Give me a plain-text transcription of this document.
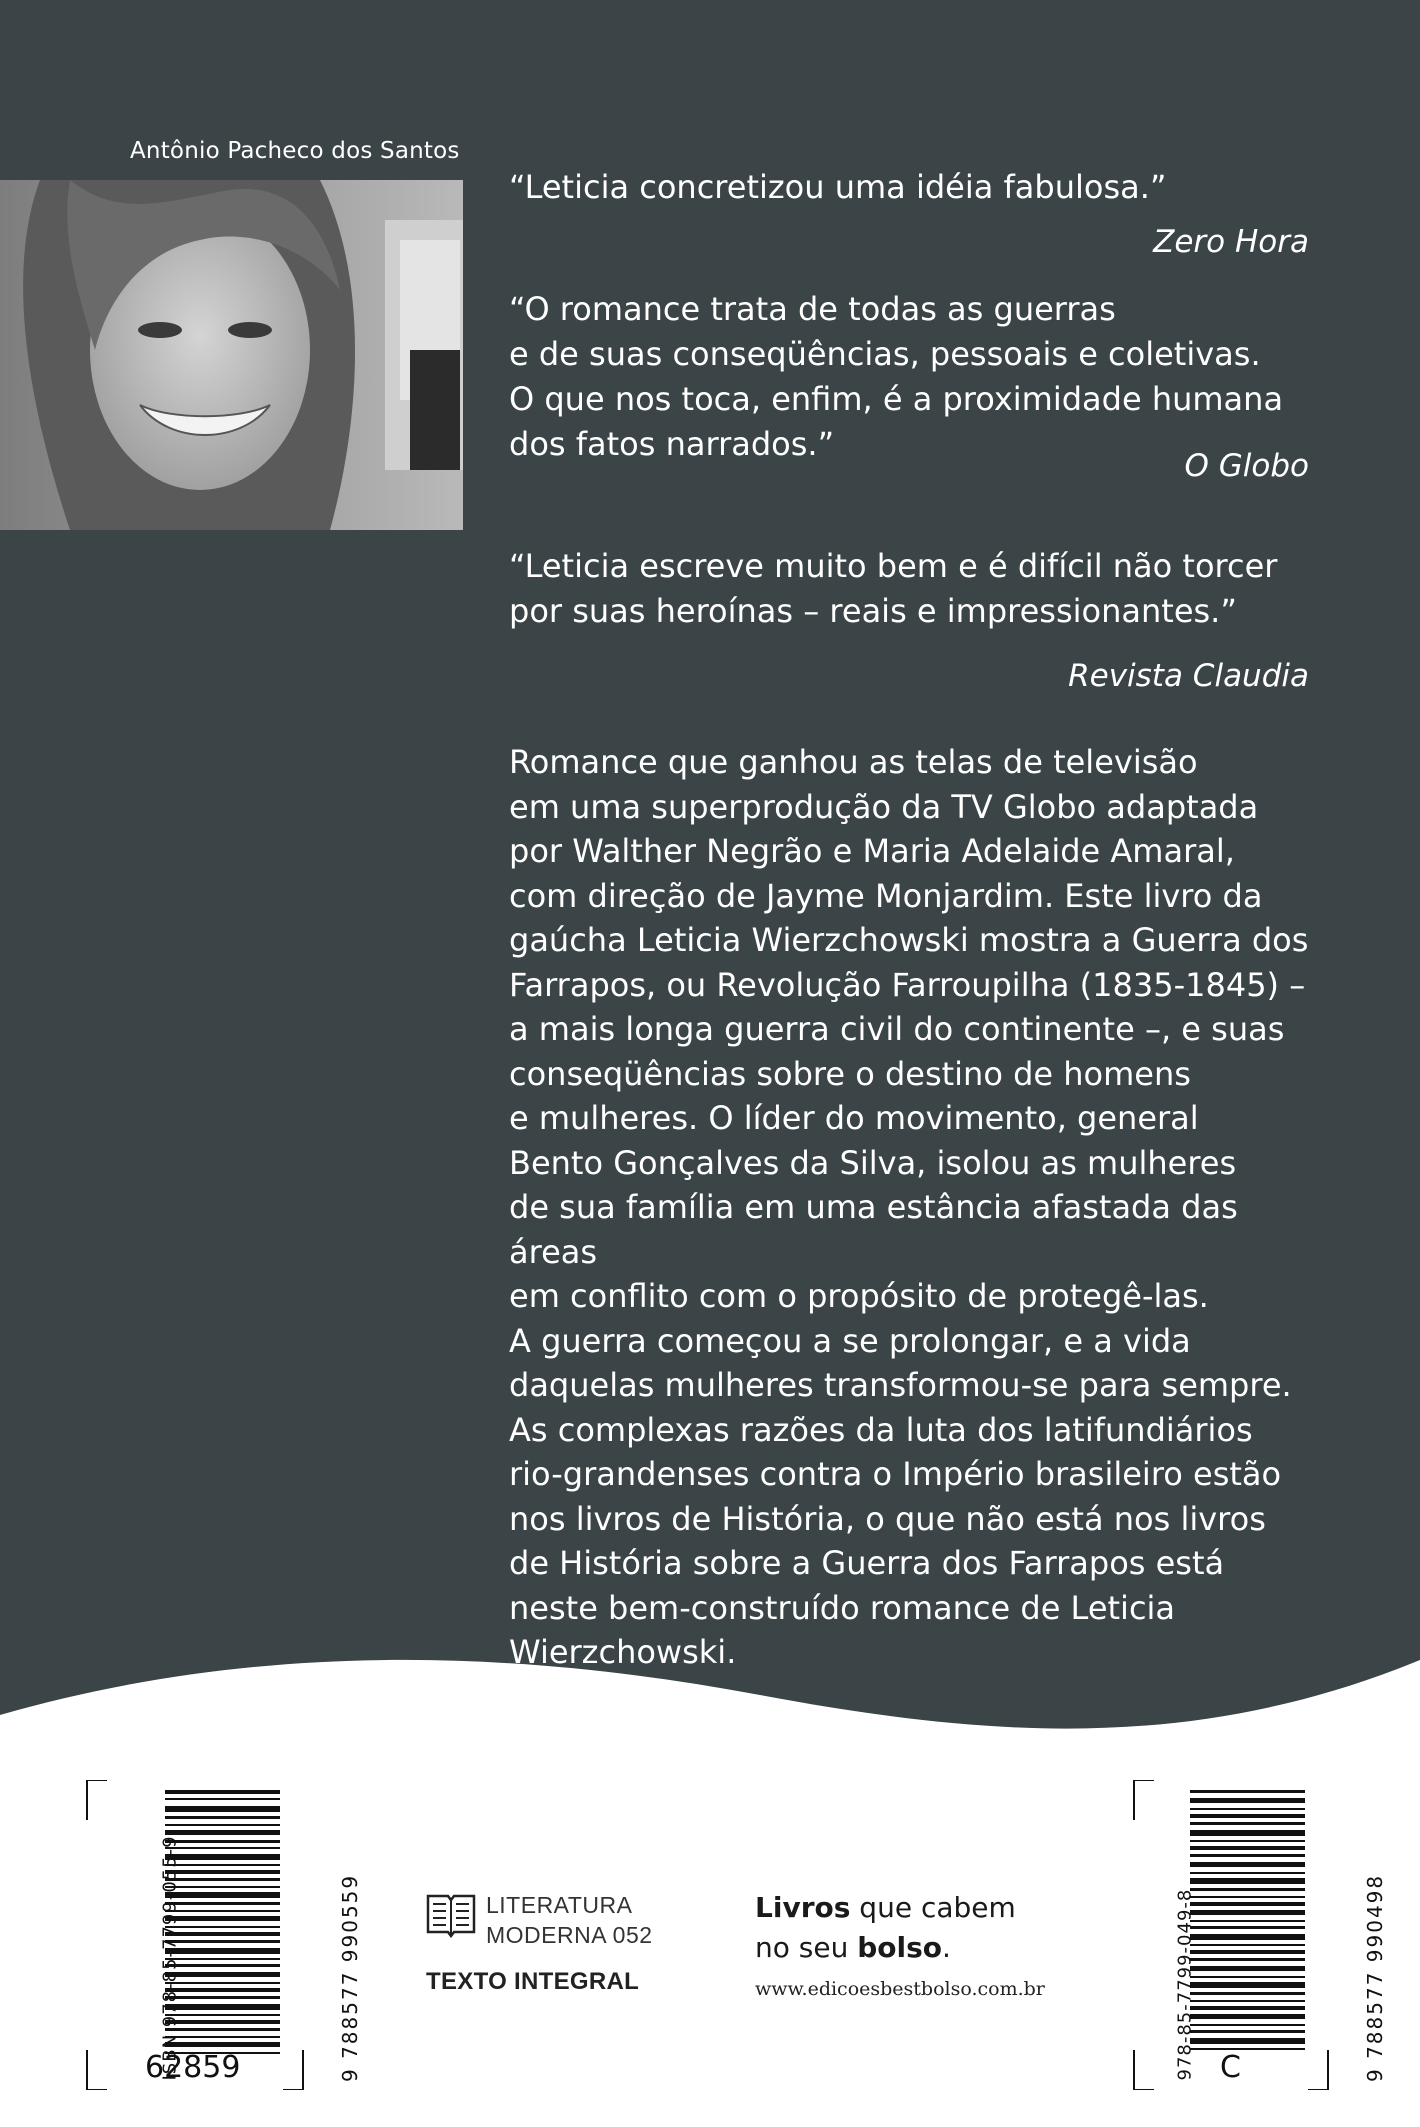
Antônio Pacheco dos Santos
“Leticia concretizou uma idéia fabulosa.”
Zero Hora
“O romance trata de todas as guerras
e de suas conseqüências, pessoais e coletivas.
O que nos toca, enfim, é a proximidade humana
dos fatos narrados.”
O Globo
“Leticia escreve muito bem e é difícil não torcer
por suas heroínas – reais e impressionantes.”
Revista Claudia
Romance que ganhou as telas de televisão
em uma superprodução da TV Globo adaptada
por Walther Negrão e Maria Adelaide Amaral,
com direção de Jayme Monjardim. Este livro da
gaúcha Leticia Wierzchowski mostra a Guerra dos
Farrapos, ou Revolução Farroupilha (1835-1845) –
a mais longa guerra civil do continente –, e suas
conseqüências sobre o destino de homens
e mulheres. O líder do movimento, general
Bento Gonçalves da Silva, isolou as mulheres
de sua família em uma estância afastada das áreas
em conflito com o propósito de protegê-las.
A guerra começou a se prolongar, e a vida
daquelas mulheres transformou-se para sempre.
As complexas razões da luta dos latifundiários
rio-grandenses contra o Império brasileiro estão
nos livros de História, o que não está nos livros
de História sobre a Guerra dos Farrapos está
neste bem-construído romance de Leticia
Wierzchowski.
ISBN 978-85-7799-055-9	9 788577 990559
62859
LITERATURA
MODERNA 052
TEXTO INTEGRAL
Livros que cabem
no seu bolso.
www.edicoesbestbolso.com.br	978-85-7799-049-8	9 788577 990498
C
